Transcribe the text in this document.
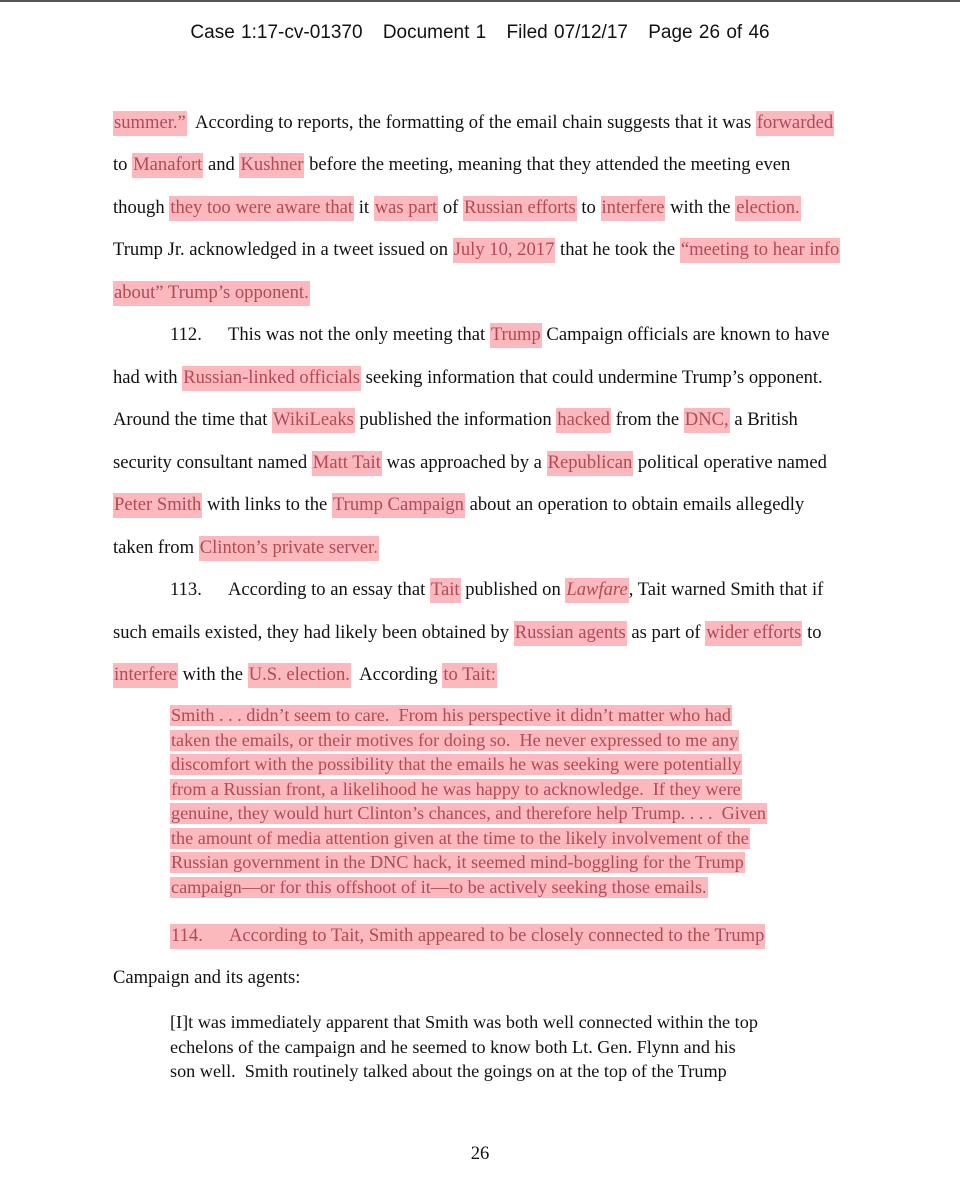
Case 1:17-cv-01370 Document 1 Filed 07/12/17 Page 26 of 46
summer.”  According to reports, the formatting of the email chain suggests that it was forwarded
to Manafort and Kushner before the meeting, meaning that they attended the meeting even
though they too were aware that it was part of Russian efforts to interfere with the election.
Trump Jr. acknowledged in a tweet issued on July 10, 2017 that he took the “meeting to hear info
about” Trump’s opponent.
112. This was not the only meeting that Trump Campaign officials are known to have
had with Russian-linked officials seeking information that could undermine Trump’s opponent.
Around the time that WikiLeaks published the information hacked from the DNC, a British
security consultant named Matt Tait was approached by a Republican political operative named
Peter Smith with links to the Trump Campaign about an operation to obtain emails allegedly
taken from Clinton’s private server.
113. According to an essay that Tait published on Lawfare, Tait warned Smith that if
such emails existed, they had likely been obtained by Russian agents as part of wider efforts to
interfere with the U.S. election.  According to Tait:
Smith . . . didn’t seem to care.  From his perspective it didn’t matter who had
taken the emails, or their motives for doing so.  He never expressed to me any
discomfort with the possibility that the emails he was seeking were potentially
from a Russian front, a likelihood he was happy to acknowledge.  If they were
genuine, they would hurt Clinton’s chances, and therefore help Trump. . . .  Given
the amount of media attention given at the time to the likely involvement of the
Russian government in the DNC hack, it seemed mind-boggling for the Trump
campaign—or for this offshoot of it—to be actively seeking those emails.
114. According to Tait, Smith appeared to be closely connected to the Trump
Campaign and its agents:
[I]t was immediately apparent that Smith was both well connected within the top
echelons of the campaign and he seemed to know both Lt. Gen. Flynn and his
son well.  Smith routinely talked about the goings on at the top of the Trump
26
